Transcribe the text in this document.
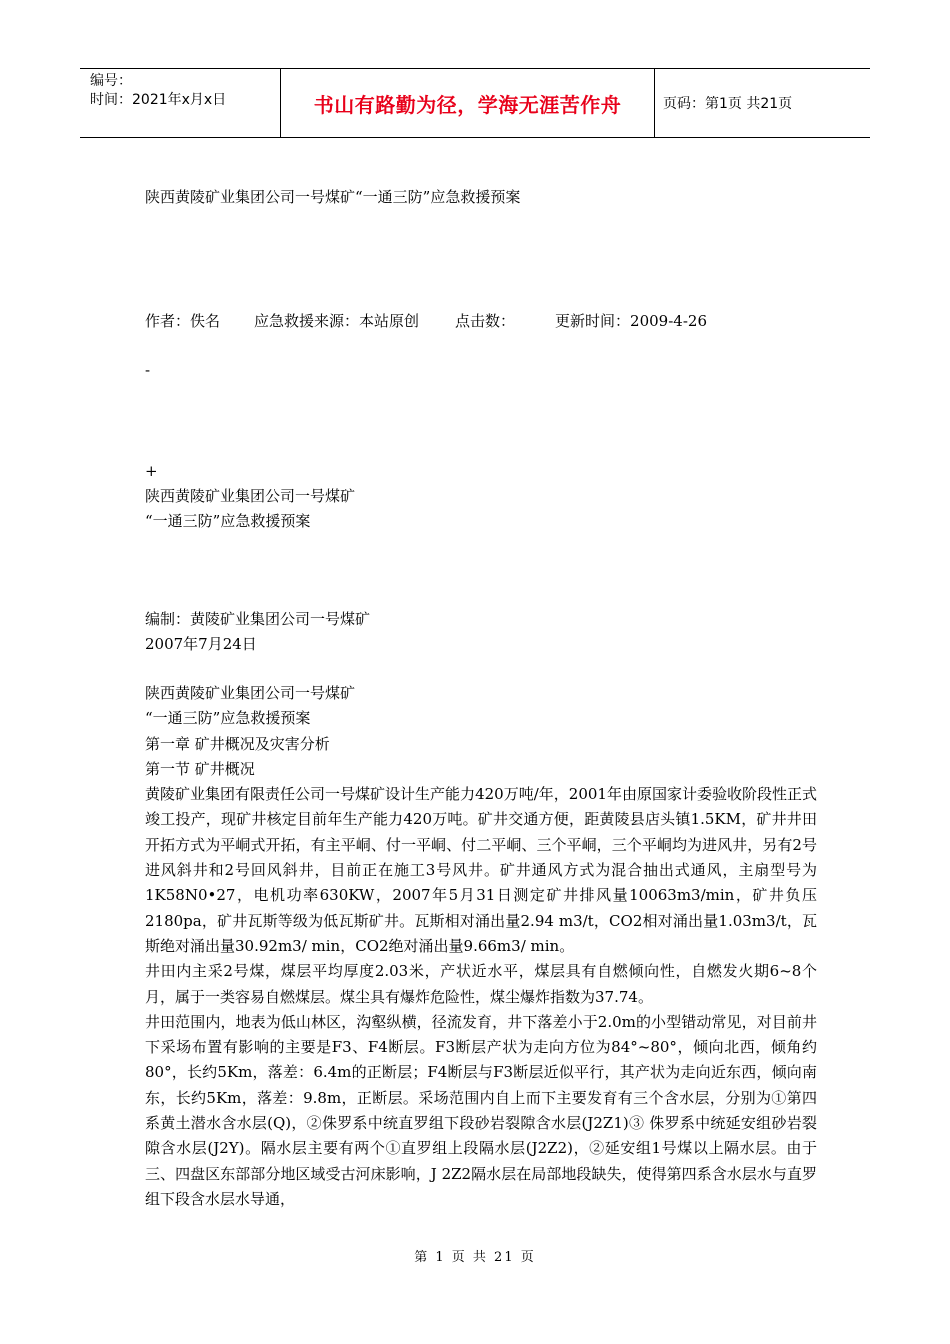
编号：
时间：2021年x月x日	书山有路勤为径，学海无涯苦作舟	页码：第1页 共21页
陕西黄陵矿业集团公司一号煤矿“一通三防”应急救援预案
作者：佚名 应急救援来源：本站原创 点击数：	更新时间：2009-4-26
-
+
陕西黄陵矿业集团公司一号煤矿
“一通三防”应急救援预案
编制：黄陵矿业集团公司一号煤矿
2007年7月24日
陕西黄陵矿业集团公司一号煤矿
“一通三防”应急救援预案
第一章 矿井概况及灾害分析
第一节 矿井概况

黄陵矿业集团有限责任公司一号煤矿设计生产能力420万吨/年，2001年由原国家计委验收阶段性正式竣工投产，现矿井核定目前年生产能力420万吨。矿井交通方便，距黄陵县店头镇1.5KM，矿井井田开拓方式为平峒式开拓，有主平峒、付一平峒、付二平峒、三个平峒，三个平峒均为进风井，另有2号进风斜井和2号回风斜井，目前正在施工3号风井。矿井通风方式为混合抽出式通风，主扇型号为1K58N0•27，电机功率630KW，2007年5月31日测定矿井排风量10063m3/min，矿井负压2180pa，矿井瓦斯等级为低瓦斯矿井。瓦斯相对涌出量2.94 m3/t，CO2相对涌出量1.03m3/t，瓦斯绝对涌出量30.92m3/ min，CO2绝对涌出量9.66m3/ min。

井田内主采2号煤，煤层平均厚度2.03米，产状近水平，煤层具有自燃倾向性，自燃发火期6~8个月，属于一类容易自燃煤层。煤尘具有爆炸危险性，煤尘爆炸指数为37.74。

井田范围内，地表为低山林区，沟壑纵横，径流发育，井下落差小于2.0m的小型错动常见，对目前井下采场布置有影响的主要是F3、F4断层。F3断层产状为走向方位为84°~80°，倾向北西，倾角约80°，长约5Km，落差：6.4m的正断层；F4断层与F3断层近似平行，其产状为走向近东西，倾向南东，长约5Km，落差：9.8m，正断层。采场范围内自上而下主要发育有三个含水层，分别为①第四系黄土潜水含水层(Q)，②侏罗系中统直罗组下段砂岩裂隙含水层(J2Z1)③ 侏罗系中统延安组砂岩裂隙含水层(J2Y)。隔水层主要有两个①直罗组上段隔水层(J2Z2)，②延安组1号煤以上隔水层。由于三、四盘区东部部分地区域受古河床影响，J 2Z2隔水层在局部地段缺失，使得第四系含水层水与直罗组下段含水层水导通，

第 1 页 共 21 页
